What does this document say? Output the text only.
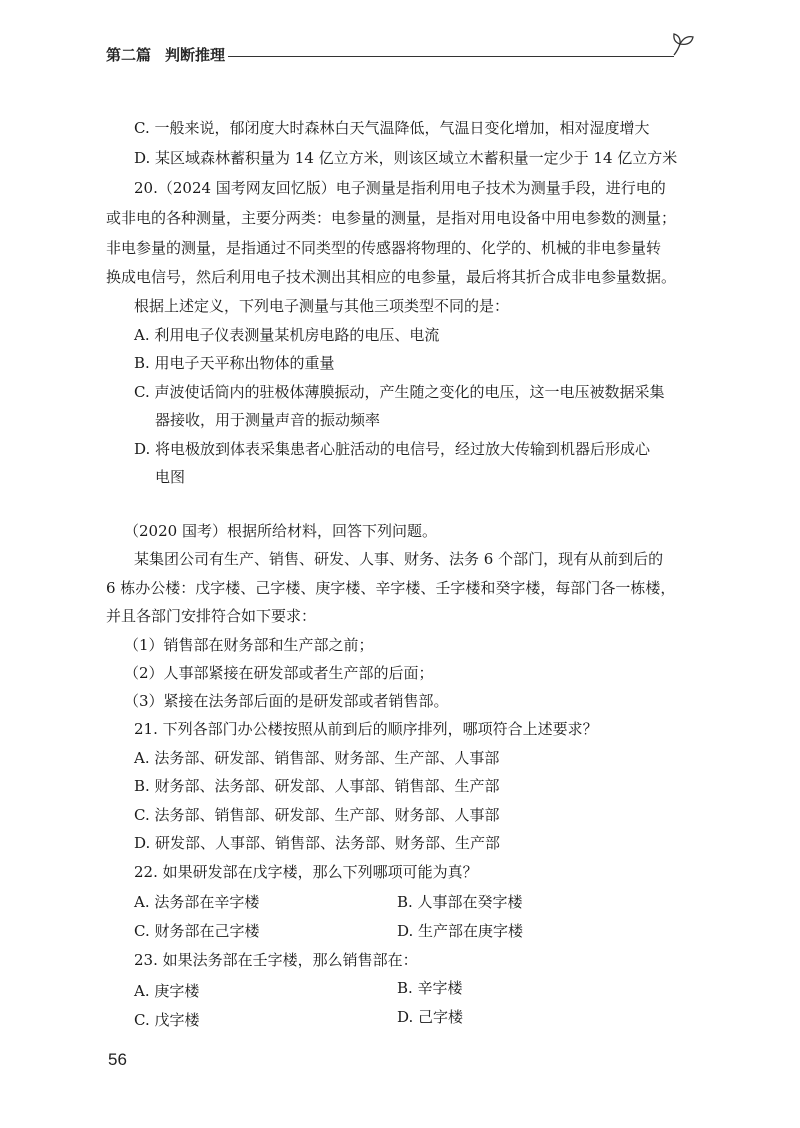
第二篇 判断推理
C. 一般来说，郁闭度大时森林白天气温降低，气温日变化增加，相对湿度增大
D. 某区域森林蓄积量为 14 亿立方米，则该区域立木蓄积量一定少于 14 亿立方米
20.（2024 国考网友回忆版）电子测量是指利用电子技术为测量手段，进行电的
或非电的各种测量，主要分两类：电参量的测量，是指对用电设备中用电参数的测量；
非电参量的测量，是指通过不同类型的传感器将物理的、化学的、机械的非电参量转
换成电信号，然后利用电子技术测出其相应的电参量，最后将其折合成非电参量数据。
根据上述定义，下列电子测量与其他三项类型不同的是：
A. 利用电子仪表测量某机房电路的电压、电流
B. 用电子天平称出物体的重量
C. 声波使话筒内的驻极体薄膜振动，产生随之变化的电压，这一电压被数据采集
器接收，用于测量声音的振动频率
D. 将电极放到体表采集患者心脏活动的电信号，经过放大传输到机器后形成心
电图
（2020 国考）根据所给材料，回答下列问题。
某集团公司有生产、销售、研发、人事、财务、法务 6 个部门，现有从前到后的
6 栋办公楼：戊字楼、己字楼、庚字楼、辛字楼、壬字楼和癸字楼，每部门各一栋楼，
并且各部门安排符合如下要求：
（1）销售部在财务部和生产部之前；
（2）人事部紧接在研发部或者生产部的后面；
（3）紧接在法务部后面的是研发部或者销售部。
21. 下列各部门办公楼按照从前到后的顺序排列，哪项符合上述要求？
A. 法务部、研发部、销售部、财务部、生产部、人事部
B. 财务部、法务部、研发部、人事部、销售部、生产部
C. 法务部、销售部、研发部、生产部、财务部、人事部
D. 研发部、人事部、销售部、法务部、财务部、生产部
22. 如果研发部在戊字楼，那么下列哪项可能为真？
A. 法务部在辛字楼	B. 人事部在癸字楼
C. 财务部在己字楼	D. 生产部在庚字楼
23. 如果法务部在壬字楼，那么销售部在：
A. 庚字楼	B. 辛字楼
C. 戊字楼	D. 己字楼
56
